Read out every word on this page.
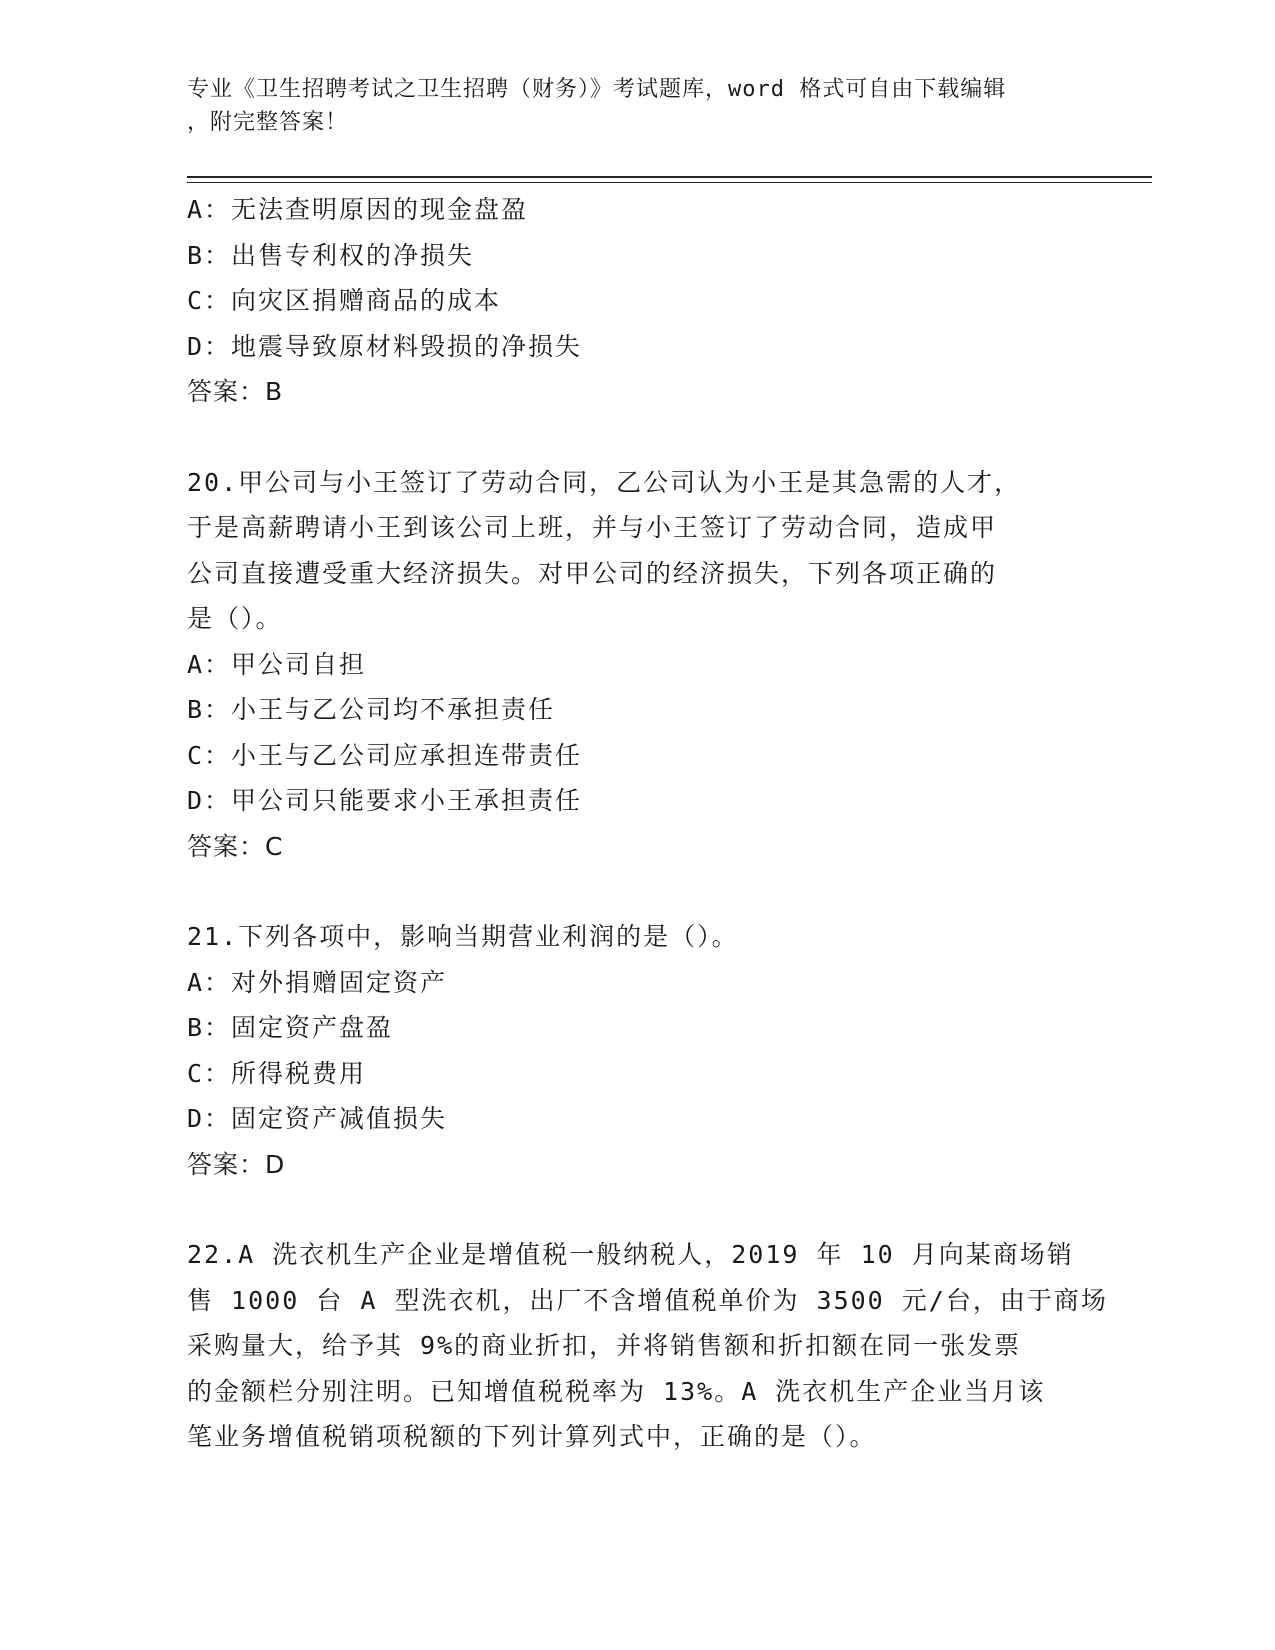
专业《卫生招聘考试之卫生招聘（财务）》考试题库，word 格式可自由下载编辑
，附完整答案！
A：无法查明原因的现金盘盈
B：出售专利权的净损失
C：向灾区捐赠商品的成本
D：地震导致原材料毁损的净损失
答案：B
20.甲公司与小王签订了劳动合同，乙公司认为小王是其急需的人才，
于是高薪聘请小王到该公司上班，并与小王签订了劳动合同，造成甲
公司直接遭受重大经济损失。对甲公司的经济损失，下列各项正确的
是（）。
A：甲公司自担
B：小王与乙公司均不承担责任
C：小王与乙公司应承担连带责任
D：甲公司只能要求小王承担责任
答案：C
21.下列各项中，影响当期营业利润的是（）。
A：对外捐赠固定资产
B：固定资产盘盈
C：所得税费用
D：固定资产减值损失
答案：D
22.A 洗衣机生产企业是增值税一般纳税人，2019 年 10 月向某商场销
售 1000 台 A 型洗衣机，出厂不含增值税单价为 3500 元/台，由于商场
采购量大，给予其 9%的商业折扣，并将销售额和折扣额在同一张发票
的金额栏分别注明。已知增值税税率为 13%。A 洗衣机生产企业当月该
笔业务增值税销项税额的下列计算列式中，正确的是（）。
